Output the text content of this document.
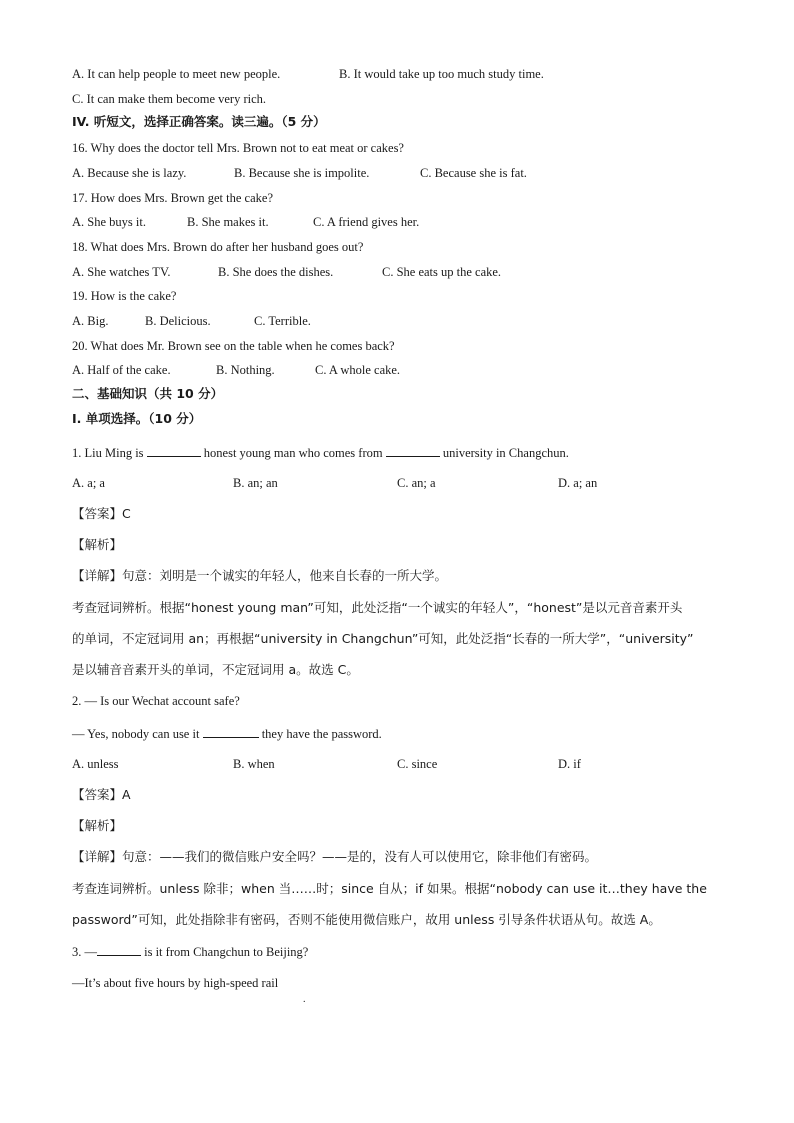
A. It can help people to meet new people.	B. It would take up too much study time.
C. It can make them become very rich.
IV. 听短文，选择正确答案。读三遍。（5 分）
16. Why does the doctor tell Mrs. Brown not to eat meat or cakes?
A. Because she is lazy.	B. Because she is impolite.	C. Because she is fat.
17. How does Mrs. Brown get the cake?
A. She buys it.	B. She makes it.	C. A friend gives her.
18. What does Mrs. Brown do after her husband goes out?
A. She watches TV.	B. She does the dishes.	C. She eats up the cake.
19. How is the cake?
A. Big.	B. Delicious.	C. Terrible.
20. What does Mr. Brown see on the table when he comes back?
A. Half of the cake.	B. Nothing.	C. A whole cake.
二、基础知识（共 10 分）
I. 单项选择。（10 分）
1. Liu Ming is	honest young man who comes from	university in Changchun.
A. a; a	B. an; an	C. an; a	D. a; an
【答案】C
【解析】
【详解】句意：刘明是一个诚实的年轻人，他来自长春的一所大学。
考查冠词辨析。根据“honest young man”可知，此处泛指“一个诚实的年轻人”，“honest”是以元音音素开头
的单词，不定冠词用 an；再根据“university in Changchun”可知，此处泛指“长春的一所大学”，“university”
是以辅音音素开头的单词，不定冠词用 a。故选 C。
2. — Is our Wechat account safe?
— Yes, nobody can use it	they have the password.
A. unless	B. when	C. since	D. if
【答案】A
【解析】
【详解】句意：——我们的微信账户安全吗？——是的，没有人可以使用它，除非他们有密码。
考查连词辨析。unless 除非；when 当……时；since 自从；if 如果。根据“nobody can use it…they have the
password”可知，此处指除非有密码，否则不能使用微信账户，故用 unless 引导条件状语从句。故选 A。
3. —	is it from Changchun to Beijing?
—It’s about five hours by high-speed rail
.
